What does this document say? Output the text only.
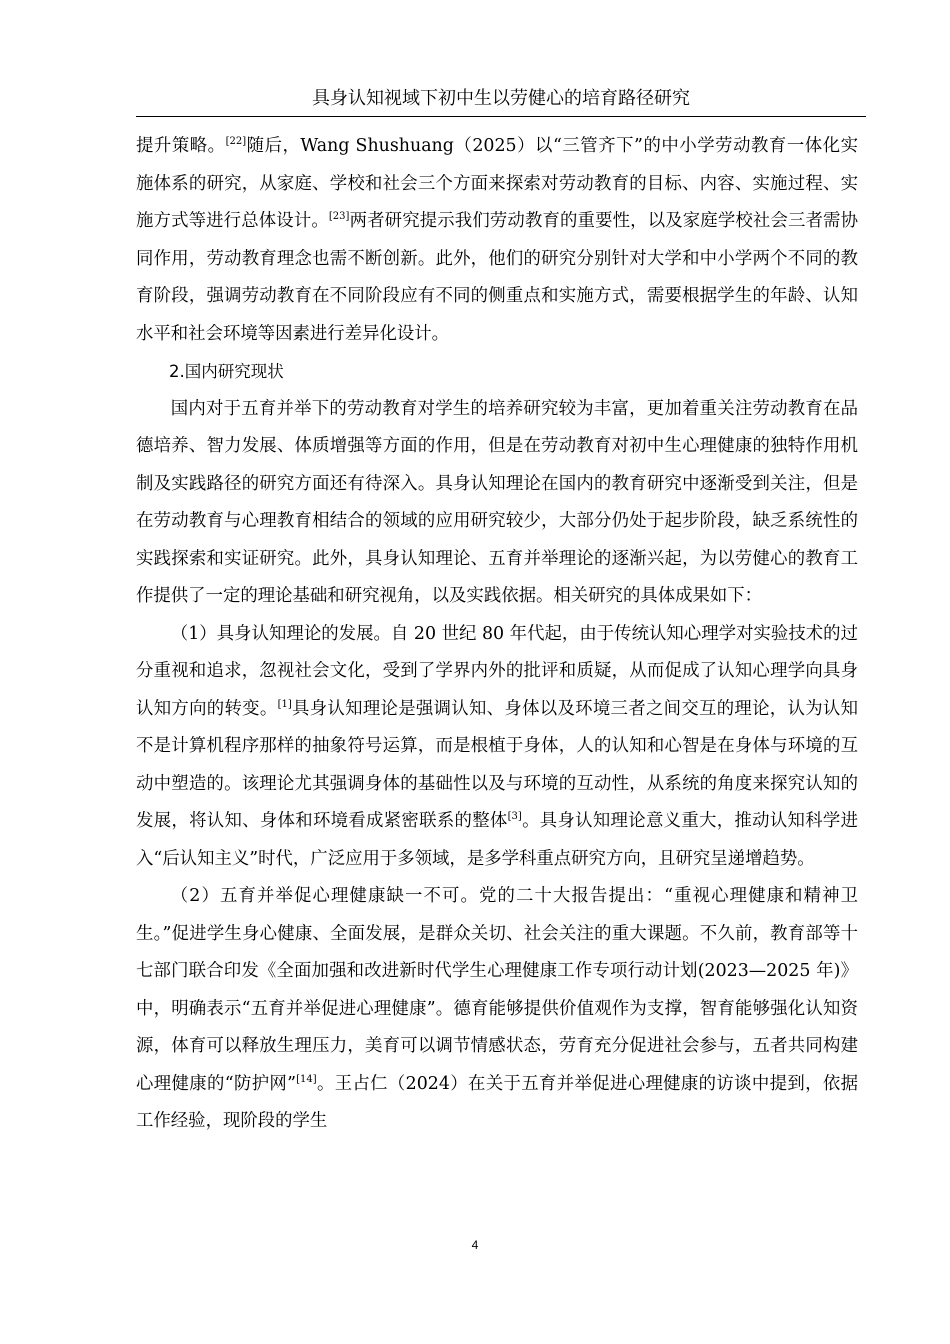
具身认知视域下初中生以劳健心的培育路径研究

提升策略。[22]随后，Wang Shushuang（2025）以“三管齐下”的中小学劳动教育一体化实施体系的研究，从家庭、学校和社会三个方面来探索对劳动教育的目标、内容、实施过程、实施方式等进行总体设计。[23]两者研究提示我们劳动教育的重要性，以及家庭学校社会三者需协同作用，劳动教育理念也需不断创新。此外，他们的研究分别针对大学和中小学两个不同的教育阶段，强调劳动教育在不同阶段应有不同的侧重点和实施方式，需要根据学生的年龄、认知水平和社会环境等因素进行差异化设计。

2.国内研究现状

国内对于五育并举下的劳动教育对学生的培养研究较为丰富，更加着重关注劳动教育在品德培养、智力发展、体质增强等方面的作用，但是在劳动教育对初中生心理健康的独特作用机制及实践路径的研究方面还有待深入。具身认知理论在国内的教育研究中逐渐受到关注，但是在劳动教育与心理教育相结合的领域的应用研究较少，大部分仍处于起步阶段，缺乏系统性的实践探索和实证研究。此外，具身认知理论、五育并举理论的逐渐兴起，为以劳健心的教育工作提供了一定的理论基础和研究视角，以及实践依据。相关研究的具体成果如下：

（1）具身认知理论的发展。自 20 世纪 80 年代起，由于传统认知心理学对实验技术的过分重视和追求，忽视社会文化，受到了学界内外的批评和质疑，从而促成了认知心理学向具身认知方向的转变。[1]具身认知理论是强调认知、身体以及环境三者之间交互的理论，认为认知不是计算机程序那样的抽象符号运算，而是根植于身体，人的认知和心智是在身体与环境的互动中塑造的。该理论尤其强调身体的基础性以及与环境的互动性，从系统的角度来探究认知的发展，将认知、身体和环境看成紧密联系的整体[3]。具身认知理论意义重大，推动认知科学进入“后认知主义”时代，广泛应用于多领域，是多学科重点研究方向，且研究呈递增趋势。

（2）五育并举促心理健康缺一不可。党的二十大报告提出：“重视心理健康和精神卫生。”促进学生身心健康、全面发展，是群众关切、社会关注的重大课题。不久前，教育部等十七部门联合印发《全面加强和改进新时代学生心理健康工作专项行动计划(2023—2025 年)》中，明确表示“五育并举促进心理健康”。德育能够提供价值观作为支撑，智育能够强化认知资源，体育可以释放生理压力，美育可以调节情感状态，劳育充分促进社会参与，五者共同构建心理健康的“防护网”[14]。王占仁（2024）在关于五育并举促进心理健康的访谈中提到，依据工作经验，现阶段的学生

4
